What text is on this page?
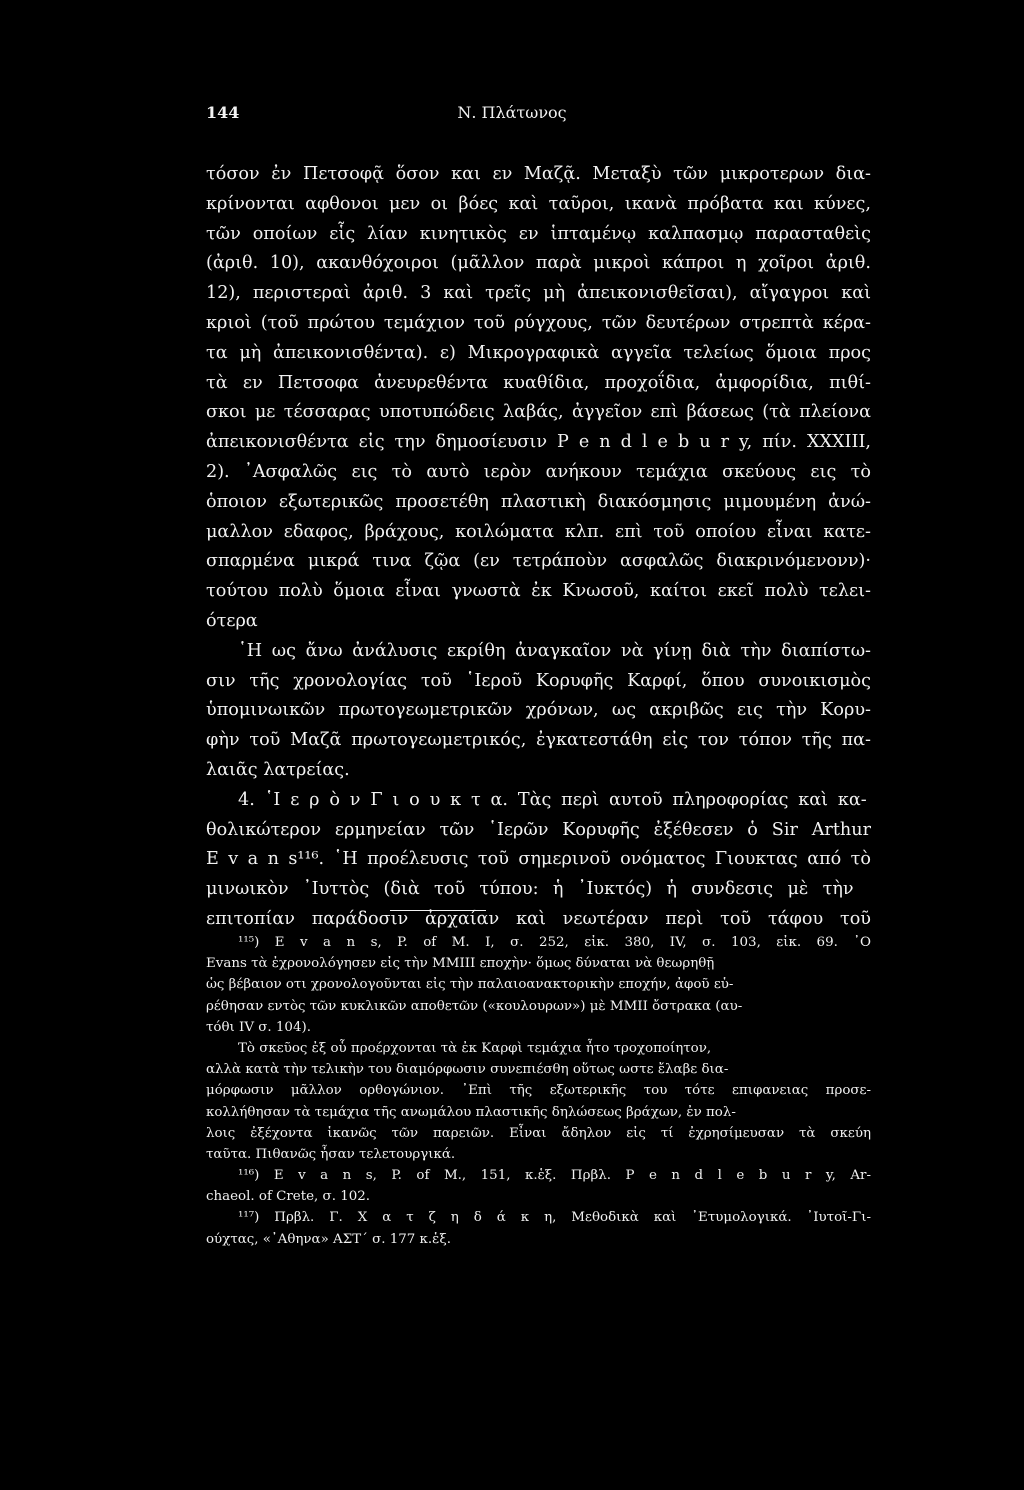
144	Ν. Πλάτωνος
τόσον ἐν Πετσοφᾷ ὅσον και εν Μαζᾷ. Μεταξὺ τῶν μικροτερων δια-
κρίνονται αφθονοι μεν οι βόες καὶ ταῦροι, ικανὰ πρόβατα και κύνες,
τῶν οποίων εἷς λίαν κινητικὸς εν ἱπταμένῳ καλπασμῳ παρασταθεὶς
(ἀριθ. 10), ακανθόχοιροι (μᾶλλον παρὰ μικροὶ κάπροι η χοῖροι ἀριθ.
12), περιστεραὶ ἀριθ. 3 καὶ τρεῖς μὴ ἀπεικονισθεῖσαι), αἴγαγροι καὶ
κριοὶ (τοῦ πρώτου τεμάχιον τοῦ ρύγχους, τῶν δευτέρων στρεπτὰ κέρα-
τα μὴ ἀπεικονισθέντα). ε) Μικρογραφικὰ αγγεῖα τελείως ὅμοια προς
τὰ εν Πετσοφα ἀνευρεθέντα κυαθίδια, προχοΐδια, ἀμφορίδια, πιθί-
σκοι με τέσσαρας υποτυπώδεις λαβάς, ἀγγεῖον επὶ βάσεως (τὰ πλείονα
ἀπεικονισθέντα εἰς την δημοσίευσιν P e n d l e b u r y, πίν. XXXIII,
2). ᾿Ασφαλῶς εις τὸ αυτὸ ιερὸν ανήκουν τεμάχια σκεύους εις τὸ
ὁποιον εξωτερικῶς προσετέθη πλαστικὴ διακόσμησις μιμουμένη ἀνώ-
μαλλον εδαφος, βράχους, κοιλώματα κλπ. επὶ τοῦ οποίου εἶναι κατε-
σπαρμένα μικρά τινα ζῷα (εν τετράποὺν ασφαλῶς διακρινόμενονν)·
τούτου πολὺ ὅμοια εἶναι γνωστὰ ἐκ Κνωσοῦ, καίτοι εκεῖ πολὺ τελει-
ότερα
῾Η ως ἄνω ἀνάλυσις εκρίθη ἀναγκαῖον νὰ γίνῃ διὰ τὴν διαπίστω-
σιν τῆς χρονολογίας τοῦ ῾Ιεροῦ Κορυφῆς Καρφί, ὅπου συνοικισμὸς
ὑπομινωικῶν πρωτογεωμετρικῶν χρόνων, ως ακριβῶς εις τὴν Κορυ-
φὴν τοῦ Μαζᾶ πρωτογεωμετρικός, ἐγκατεστάθη εἰς τον τόπον τῆς πα-
λαιᾶς λατρείας.
4. ῾Ι ε ρ ὸ ν Γ ι ο υ κ τ α. Τὰς περὶ αυτοῦ πληροφορίας καὶ κα-
θολικώτερον ερμηνείαν τῶν ῾Ιερῶν Κορυφῆς ἐξέθεσεν ὁ Sir Arthur
E v a n s¹¹⁶. ῾Η προέλευσις τοῦ σημερινοῦ ονόματος Γιουκτας από τὸ
μινωικὸν ᾿Ιυττὸς (διὰ τοῦ τύπου: ἡ ᾿Ιυκτός) ἡ συνδεσις μὲ τὴν
επιτοπίαν παράδοσιν ἀρχαίαν καὶ νεωτέραν περὶ τοῦ τάφου τοῦ
¹¹⁵) E v a n s, P. of M. I, σ. 252, εἰκ. 380, IV, σ. 103, εἰκ. 69. ᾿Ο
Evans τὰ ἐχρονολόγησεν εἰς τὴν MMIII εποχὴν· ὅμως δύναται νὰ θεωρηθῇ
ὡς βέβαιον οτι χρονολογοῦνται εἰς τὴν παλαιοανακτορικὴν εποχήν, ἀφοῦ εὑ-
ρέθησαν εντὸς τῶν κυκλικῶν αποθετῶν («κουλουρων») μὲ MMII ὄστρακα (αυ-
τόθι IV σ. 104).
Τὸ σκεῦος ἐξ οὗ προέρχονται τὰ ἐκ Καρφὶ τεμάχια ἦτο τροχοποίητον,
αλλὰ κατὰ τὴν τελικὴν του διαμόρφωσιν συνεπιέσθη οὕτως ωστε ἔλαβε δια-
μόρφωσιν μᾶλλον ορθογώνιον. ᾿Επὶ τῆς εξωτερικῆς του τότε επιφανειας προσε-
κολλήθησαν τὰ τεμάχια τῆς ανωμάλου πλαστικῆς δηλώσεως βράχων, ἐν πολ-
λοις ἐξέχοντα ἱκανῶς τῶν παρειῶν. Εἶναι ἄδηλον εἰς τί ἐχρησίμευσαν τὰ σκεύη
ταῦτα. Πιθανῶς ἦσαν τελετουργικά.
¹¹⁶) E v a n s, P. of M., 151, κ.ἑξ. Πρβλ. P e n d l e b u r y, Ar-
chaeol. of Crete, σ. 102.
¹¹⁷) Πρβλ. Γ. Χ α τ ζ η δ ά κ η, Μεθοδικὰ καὶ ᾿Ετυμολογικά. ᾿Ιυτοῖ-Γι-
ούχτας, «᾿Αθηνα» ΑΣΤ΄ σ. 177 κ.ἑξ.
